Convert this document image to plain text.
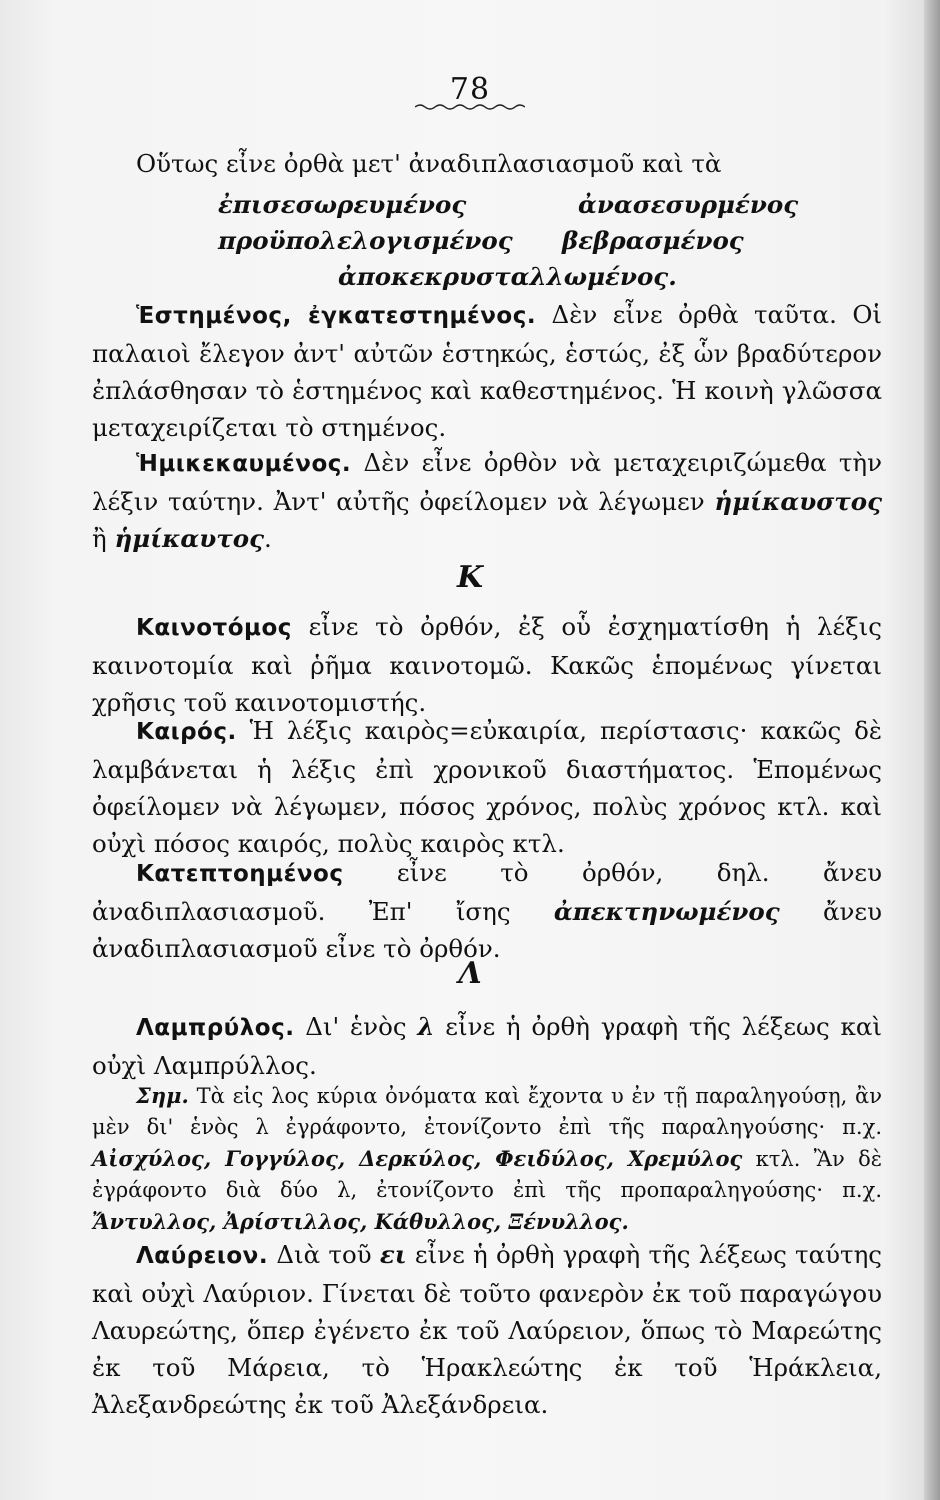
78

Οὕτως εἶνε ὀρθὰ μετ' ἀναδιπλασιασμοῦ καὶ τὰ

ἐπισεσωρευμένος	ἀνασεσυρμένος
προϋπολελογισμένος βεβρασμένος
ἀποκεκρυσταλλωμένος.

Ἑστημένος, ἐγκατεστημένος. Δὲν εἶνε ὀρθὰ ταῦτα. Οἱ παλαιοὶ ἔλεγον ἀντ' αὐτῶν ἑστηκώς, ἑστώς, ἐξ ὧν βραδύτερον ἐπλάσθησαν τὸ ἑστημένος καὶ καθεστημένος. Ἡ κοινὴ γλῶσσα μεταχειρίζεται τὸ στημένος.

Ἡμικεκαυμένος. Δὲν εἶνε ὀρθὸν νὰ μεταχειριζώμεθα τὴν λέξιν ταύτην. Ἀντ' αὐτῆς ὀφείλομεν νὰ λέγωμεν ἡμίκαυστος ἢ ἡμίκαυτος.

Κ

Καινοτόμος εἶνε τὸ ὀρθόν, ἐξ οὗ ἐσχηματίσθη ἡ λέξις καινοτομία καὶ ῥῆμα καινοτομῶ. Κακῶς ἑπομένως γίνεται χρῆσις τοῦ καινοτομιστής.

Καιρός. Ἡ λέξις καιρὸς=εὐκαιρία, περίστασις· κακῶς δὲ λαμβάνεται ἡ λέξις ἐπὶ χρονικοῦ διαστήματος. Ἑπομένως ὀφείλομεν νὰ λέγωμεν, πόσος χρόνος, πολὺς χρόνος κτλ. καὶ οὐχὶ πόσος καιρός, πολὺς καιρὸς κτλ.

Κατεπτοημένος εἶνε τὸ ὀρθόν, δηλ. ἄνευ ἀναδιπλασιασμοῦ. Ἐπ' ἴσης ἀπεκτηνωμένος ἄνευ ἀναδιπλασιασμοῦ εἶνε τὸ ὀρθόν.

Λ

Λαμπρύλος. Δι' ἑνὸς λ εἶνε ἡ ὀρθὴ γραφὴ τῆς λέξεως καὶ οὐχὶ Λαμπρύλλος.

Σημ. Τὰ εἰς λος κύρια ὀνόματα καὶ ἔχοντα υ ἐν τῇ παραληγούσῃ, ἂν μὲν δι' ἑνὸς λ ἐγράφοντο, ἐτονίζοντο ἐπὶ τῆς παραληγούσης· π.χ. Αἰσχύλος, Γογγύλος, Δερκύλος, Φειδύλος, Χρεμύλος κτλ. Ἂν δὲ ἐγράφοντο διὰ δύο λ, ἐτονίζοντο ἐπὶ τῆς προπαραληγούσης· π.χ. Ἄντυλλος, Ἀρίστιλλος, Κάθυλλος, Ξένυλλος.

Λαύρειον. Διὰ τοῦ ει εἶνε ἡ ὀρθὴ γραφὴ τῆς λέξεως ταύτης καὶ οὐχὶ Λαύριον. Γίνεται δὲ τοῦτο φανερὸν ἐκ τοῦ παραγώγου Λαυρεώτης, ὅπερ ἐγένετο ἐκ τοῦ Λαύρειον, ὅπως τὸ Μαρεώτης ἐκ τοῦ Μάρεια, τὸ Ἡρακλεώτης ἐκ τοῦ Ἡράκλεια, Ἀλεξανδρεώτης ἐκ τοῦ Ἀλεξάνδρεια.
